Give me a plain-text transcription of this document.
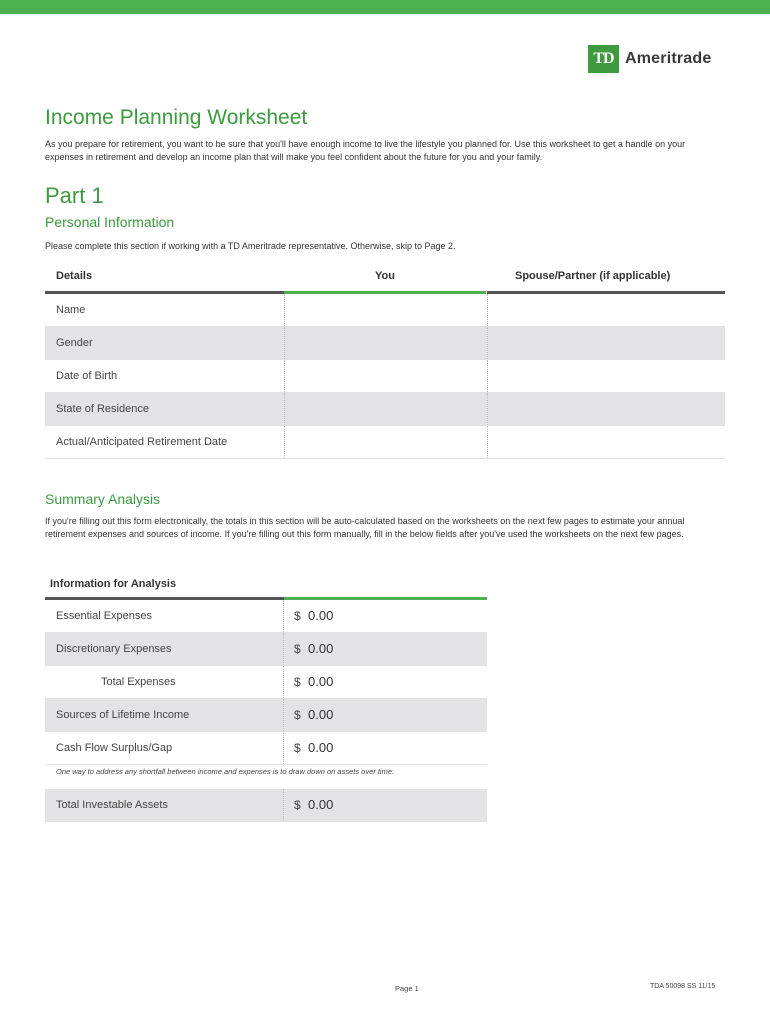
TD Ameritrade
Income Planning Worksheet

As you prepare for retirement, you want to be sure that you'll have enough income to live the lifestyle you planned for. Use this worksheet to get a handle on your expenses in retirement and develop an income plan that will make you feel confident about the future for you and your family.

Part 1
Personal Information

Please complete this section if working with a TD Ameritrade representative. Otherwise, skip to Page 2.

Details	You	Spouse/Partner (if applicable)
Name
Gender
Date of Birth
State of Residence
Actual/Anticipated Retirement Date
Summary Analysis

If you're filling out this form electronically, the totals in this section will be auto-calculated based on the worksheets on the next few pages to estimate your annual retirement expenses and sources of income. If you're filling out this form manually, fill in the below fields after you've used the worksheets on the next few pages.

Information for Analysis
Essential Expenses	$ 0.00
Discretionary Expenses	$ 0.00
Total Expenses	$ 0.00
Sources of Lifetime Income	$ 0.00
Cash Flow Surplus/Gap	$ 0.00

One way to address any shortfall between income and expenses is to draw down on assets over time.

Total Investable Assets	$ 0.00
Page 1	TDA 50098 SS 11/15
